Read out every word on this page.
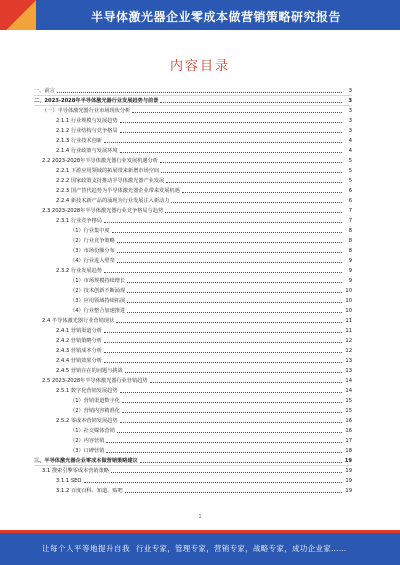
半导体激光器企业零成本做营销策略研究报告
内容目录
一、前言	3
二、2023-2028年半导体激光器行业发展趋势与前景	3
（一）半导体激光器行业市场现状分析	3
2.1.1 行业规模与发展趋势	3
2.1.2 行业结构与竞争格局	3
2.1.3 行业技术创新	4
2.1.4 行业政策与发展环境	4
2.2 2023-2028年半导体激光器行业发展机遇分析	5
2.2.1 下游应用领域的拓展带来新增市场空间	5
2.2.2 国家政策支持推动半导体激光器产业发展	5
2.2.3 国产替代趋势为半导体激光器企业带来发展机遇	6
2.2.4 新技术新产品的涌现为行业发展注入新动力	6
2.3 2023-2028年半导体激光器行业竞争格局与趋势	7
2.3.1 行业竞争格局	7
（1）行业集中度	8
（2）行业竞争策略	8
（3）市场份额分布	8
（4）行业进入壁垒	9
2.3.2 行业发展趋势	9
（1）市场规模持续增长	9
（2）技术创新不断涌现	10
（3）应用领域持续拓展	10
（4）行业整合加速推进	10
2.4 半导体激光器行业营销现状	11
2.4.1 营销渠道分析	11
2.4.2 营销策略分析	12
2.4.3 营销成本分析	12
2.4.4 营销效果分析	13
2.4.5 营销存在的问题与挑战	13
2.5 2023-2028年半导体激光器行业营销趋势	14
2.5.1 数字化营销发展趋势	14
（1）营销渠道数字化	15
（2）营销内容精准化	15
2.5.2 零成本营销发展趋势	16
（1）社交媒体营销	16
（2）内容营销	17
（3）口碑营销	18
三、半导体激光器企业零成本做营销策略建议	19
3.1 搜索引擎零成本营销策略	19
3.1.1 SEO	19
3.1.2 百度百科、知道、贴吧	19
1
让每个人平等地提升自我 行业专家，管理专家，营销专家，战略专家，成功企业家……
